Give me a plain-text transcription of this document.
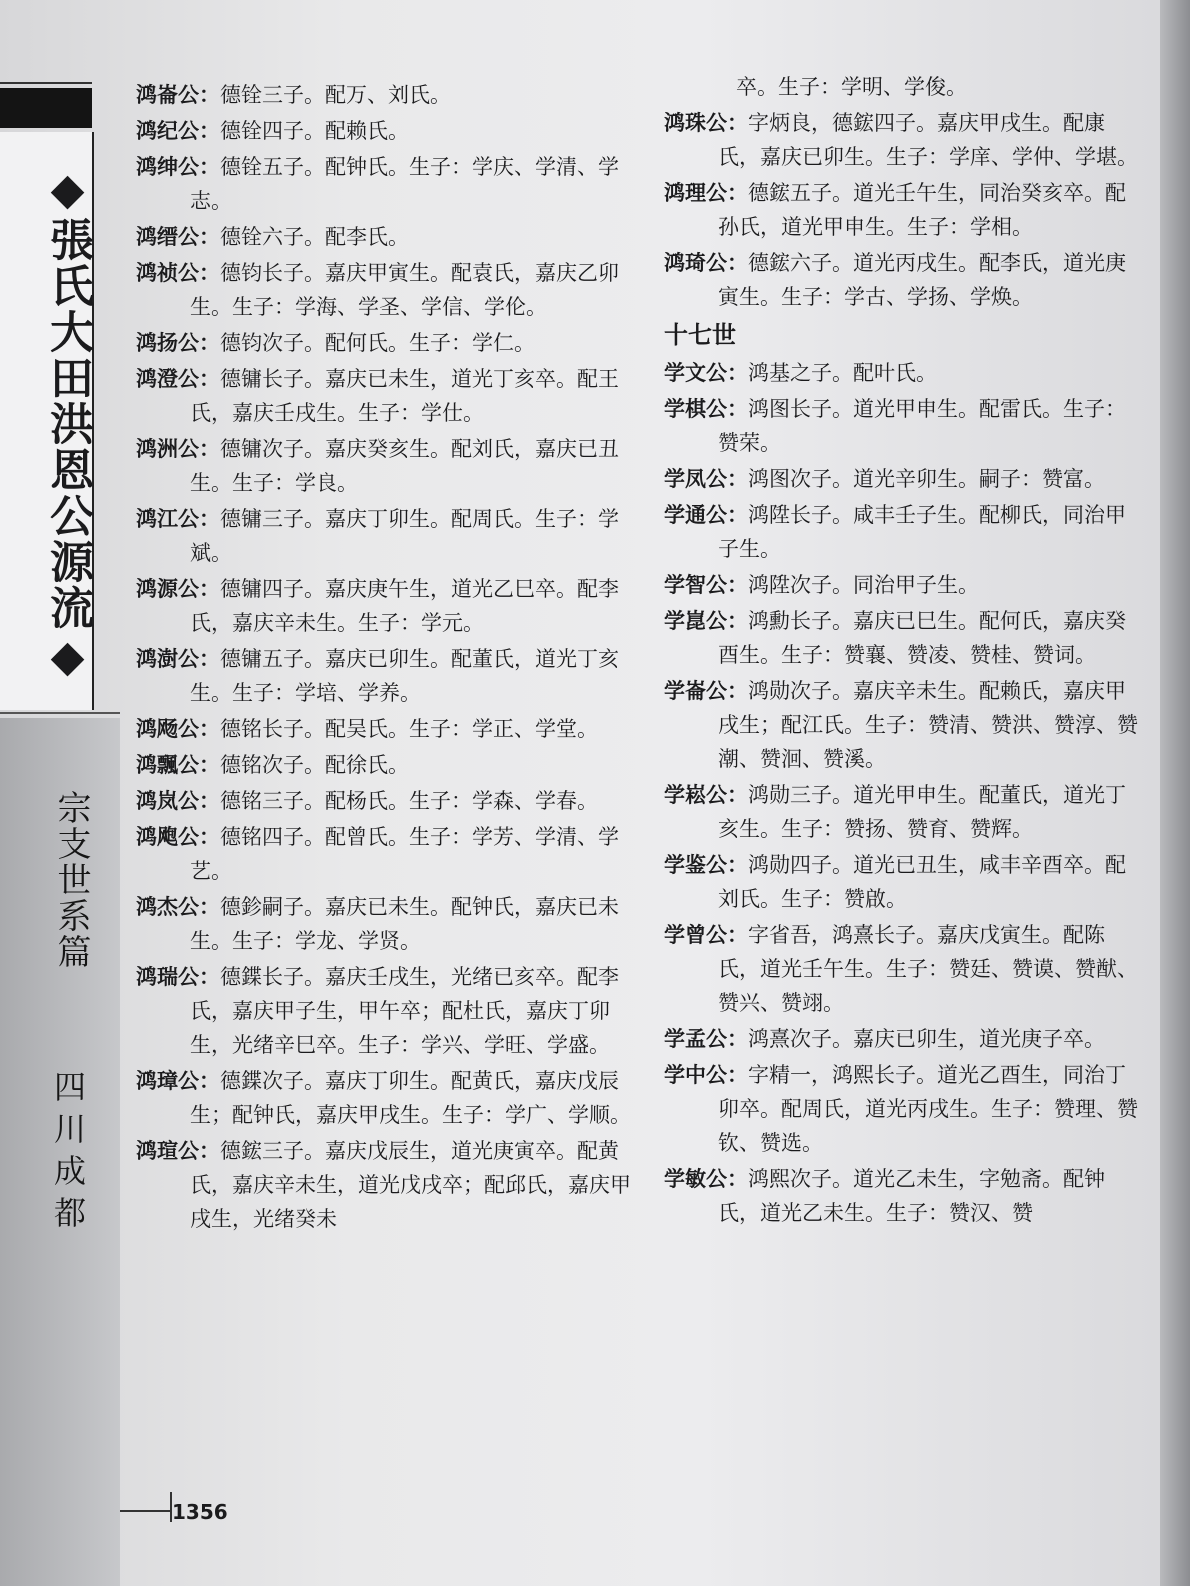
◆張氏大田洪恩公源流◆
宗支世系篇
四川成都
鸿崙公：德铨三子。配万、刘氏。
鸿纪公：德铨四子。配赖氏。
鸿绅公：德铨五子。配钟氏。生子：学庆、学清、学志。
鸿缙公：德铨六子。配李氏。
鸿祯公：德钧长子。嘉庆甲寅生。配袁氏，嘉庆乙卯生。生子：学海、学圣、学信、学伦。
鸿扬公：德钧次子。配何氏。生子：学仁。
鸿澄公：德镛长子。嘉庆已未生，道光丁亥卒。配王氏，嘉庆壬戌生。生子：学仕。
鸿洲公：德镛次子。嘉庆癸亥生。配刘氏，嘉庆已丑生。生子：学良。
鸿江公：德镛三子。嘉庆丁卯生。配周氏。生子：学斌。
鸿源公：德镛四子。嘉庆庚午生，道光乙巳卒。配李氏，嘉庆辛未生。生子：学元。
鸿澍公：德镛五子。嘉庆已卯生。配董氏，道光丁亥生。生子：学培、学养。
鸿飏公：德铭长子。配吴氏。生子：学正、学堂。
鸿飄公：德铭次子。配徐氏。
鸿岚公：德铭三子。配杨氏。生子：学森、学春。
鸿飑公：德铭四子。配曾氏。生子：学芳、学清、学艺。
鸿杰公：德鉁嗣子。嘉庆已未生。配钟氏，嘉庆已未生。生子：学龙、学贤。
鸿瑞公：德鍱长子。嘉庆壬戌生，光绪已亥卒。配李氏，嘉庆甲子生，甲午卒；配杜氏，嘉庆丁卯生，光绪辛巳卒。生子：学兴、学旺、学盛。
鸿璋公：德鍱次子。嘉庆丁卯生。配黄氏，嘉庆戊辰生；配钟氏，嘉庆甲戌生。生子：学广、学顺。
鸿瑄公：德鋐三子。嘉庆戊辰生，道光庚寅卒。配黄氏，嘉庆辛未生，道光戊戌卒；配邱氏，嘉庆甲戌生，光绪癸未
卒。生子：学明、学俊。
鸿珠公：字炳良，德鋐四子。嘉庆甲戌生。配康氏，嘉庆已卯生。生子：学庠、学仲、学堪。
鸿理公：德鋐五子。道光壬午生，同治癸亥卒。配孙氏，道光甲申生。生子：学相。
鸿琦公：德鋐六子。道光丙戌生。配李氏，道光庚寅生。生子：学古、学扬、学焕。
十七世
学文公：鸿基之子。配叶氏。
学棋公：鸿图长子。道光甲申生。配雷氏。生子：赞荣。
学凤公：鸿图次子。道光辛卯生。嗣子：赞富。
学通公：鸿陞长子。咸丰壬子生。配柳氏，同治甲子生。
学智公：鸿陞次子。同治甲子生。
学崑公：鸿勳长子。嘉庆已巳生。配何氏，嘉庆癸酉生。生子：赞襄、赞凌、赞桂、赞词。
学崙公：鸿勋次子。嘉庆辛未生。配赖氏，嘉庆甲戌生；配江氏。生子：赞清、赞洪、赞淳、赞潮、赞洄、赞溪。
学崧公：鸿勋三子。道光甲申生。配董氏，道光丁亥生。生子：赞扬、赞育、赞辉。
学鉴公：鸿勋四子。道光已丑生，咸丰辛酉卒。配刘氏。生子：赞啟。
学曾公：字省吾，鸿熹长子。嘉庆戊寅生。配陈氏，道光壬午生。生子：赞廷、赞谟、赞猷、赞兴、赞翊。
学孟公：鸿熹次子。嘉庆已卯生，道光庚子卒。
学中公：字精一，鸿熙长子。道光乙酉生，同治丁卯卒。配周氏，道光丙戌生。生子：赞理、赞钦、赞选。
学敏公：鸿熙次子。道光乙未生，字勉斋。配钟氏，道光乙未生。生子：赞汉、赞
1356
